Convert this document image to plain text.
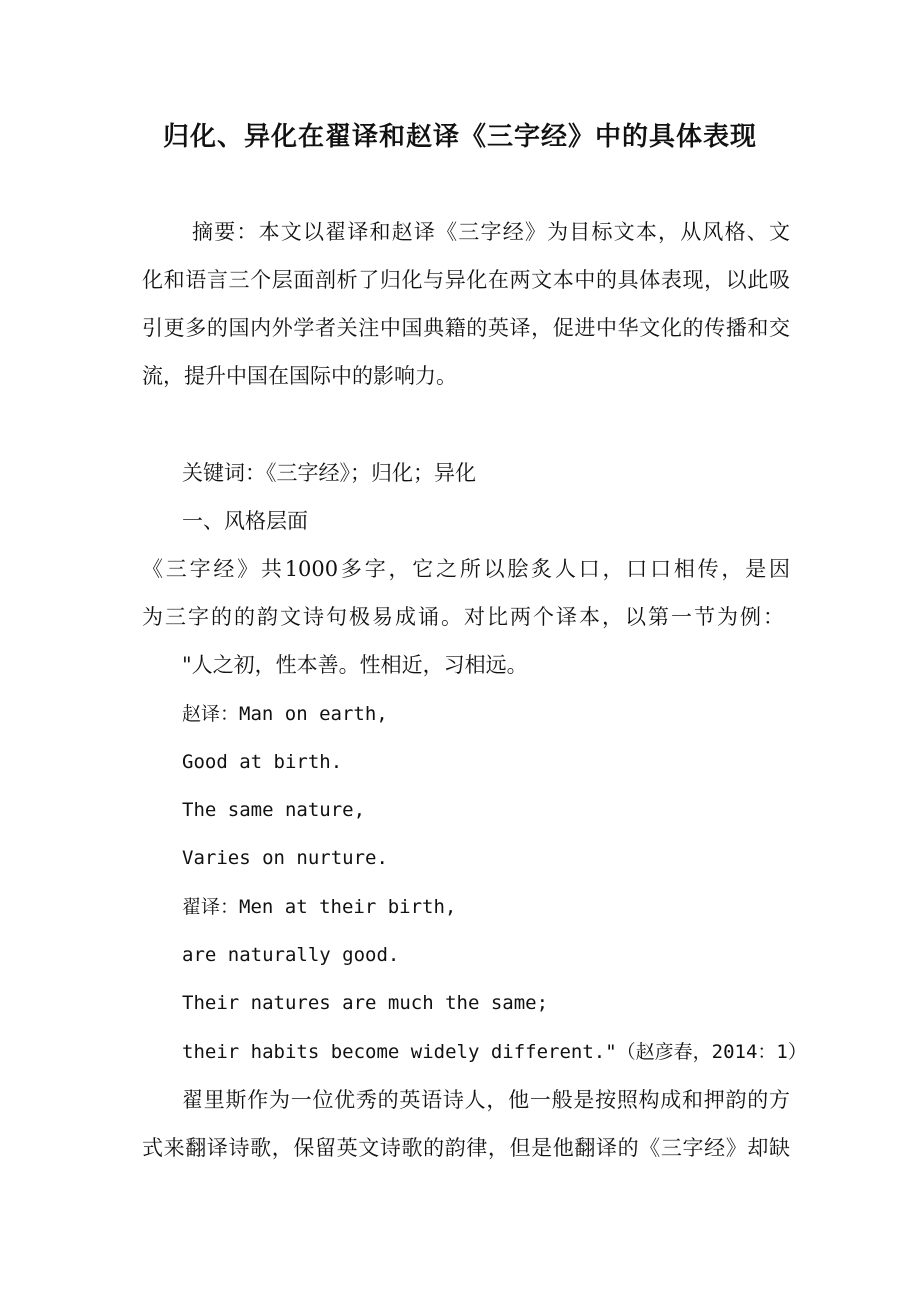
归化、异化在翟译和赵译《三字经》中的具体表现
摘要：本文以翟译和赵译《三字经》为目标文本，从风格、文
化和语言三个层面剖析了归化与异化在两文本中的具体表现，以此吸
引更多的国内外学者关注中国典籍的英译，促进中华文化的传播和交
流，提升中国在国际中的影响力。
关键词：《三字经》；归化；异化
一、风格层面
《三字经》共1000多字，它之所以脍炙人口，口口相传，是因
为三字的的韵文诗句极易成诵。对比两个译本，以第一节为例：
"人之初，性本善。性相近，习相远。
赵译：Man on earth,
Good at birth.
The same nature,
Varies on nurture.
翟译：Men at their birth,
are naturally good.
Their natures are much the same;
their habits become widely different."（赵彦春，2014：1）
翟里斯作为一位优秀的英语诗人，他一般是按照构成和押韵的方
式来翻译诗歌，保留英文诗歌的韵律，但是他翻译的《三字经》却缺
